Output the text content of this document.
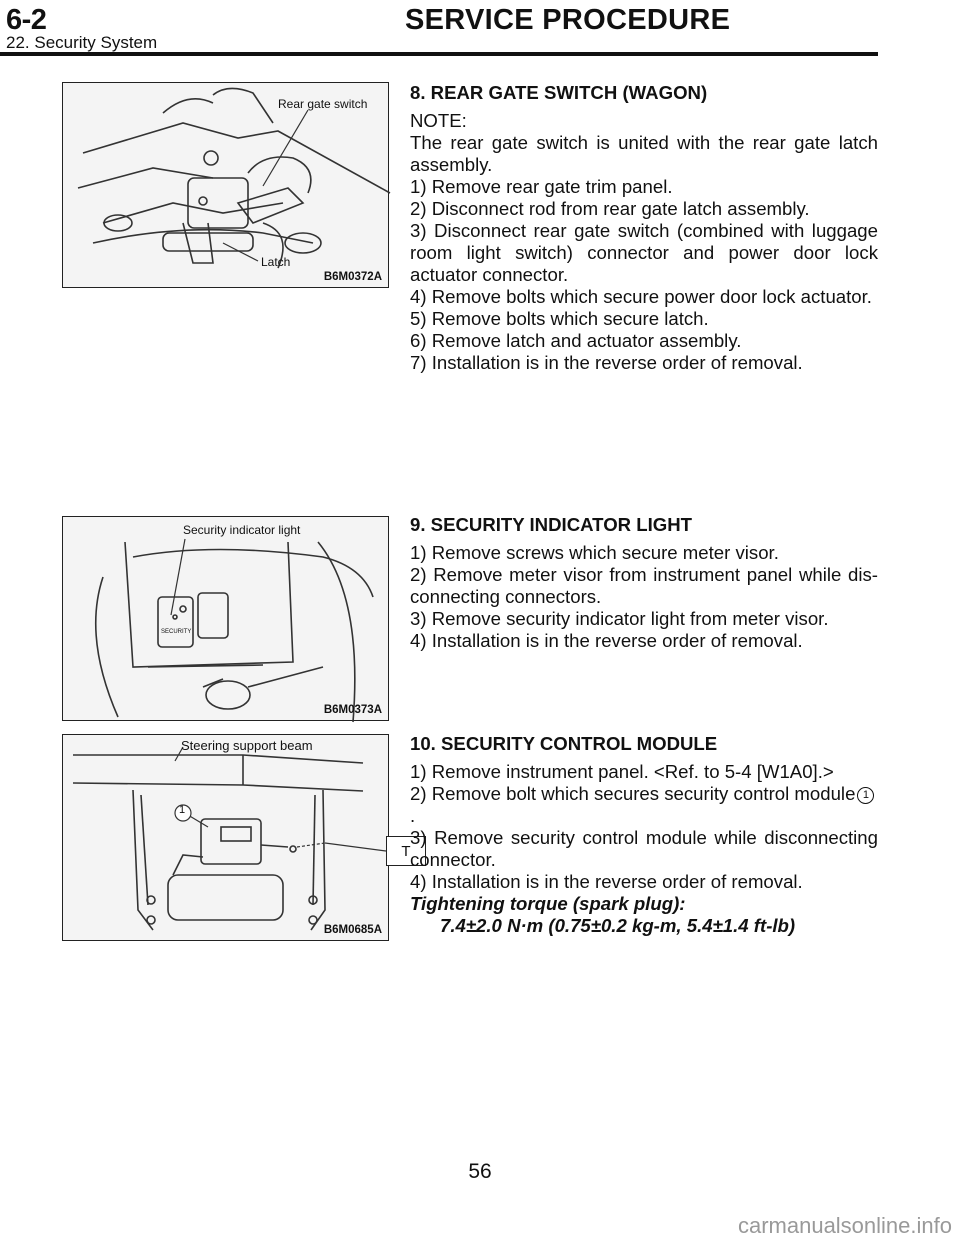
6-2	SERVICE PROCEDURE
22. Security System
Rear gate switch
Latch
B6M0372A

8. REAR GATE SWITCH (WAGON)

NOTE:

The rear gate switch is united with the rear gate latch assembly.

1) Remove rear gate trim panel.

2) Disconnect rod from rear gate latch assembly.

3) Disconnect rear gate switch (combined with luggage room light switch) connector and power door lock actuator connector.

4) Remove bolts which secure power door lock actuator.

5) Remove bolts which secure latch.

6) Remove latch and actuator assembly.

7) Installation is in the reverse order of removal.

Security indicator light
SECURITY
B6M0373A

9. SECURITY INDICATOR LIGHT

1) Remove screws which secure meter visor.

2) Remove meter visor from instrument panel while dis-connecting connectors.

3) Remove security indicator light from meter visor.

4) Installation is in the reverse order of removal.

Steering support beam
1
T
B6M0685A

10. SECURITY CONTROL MODULE

1) Remove instrument panel. <Ref. to 5-4 [W1A0].>

2) Remove bolt which secures security control module 1.

3) Remove security control module while disconnecting connector.

4) Installation is in the reverse order of removal.

Tightening torque (spark plug):

7.4±2.0 N·m (0.75±0.2 kg-m, 5.4±1.4 ft-lb)

56
carmanualsonline.info
